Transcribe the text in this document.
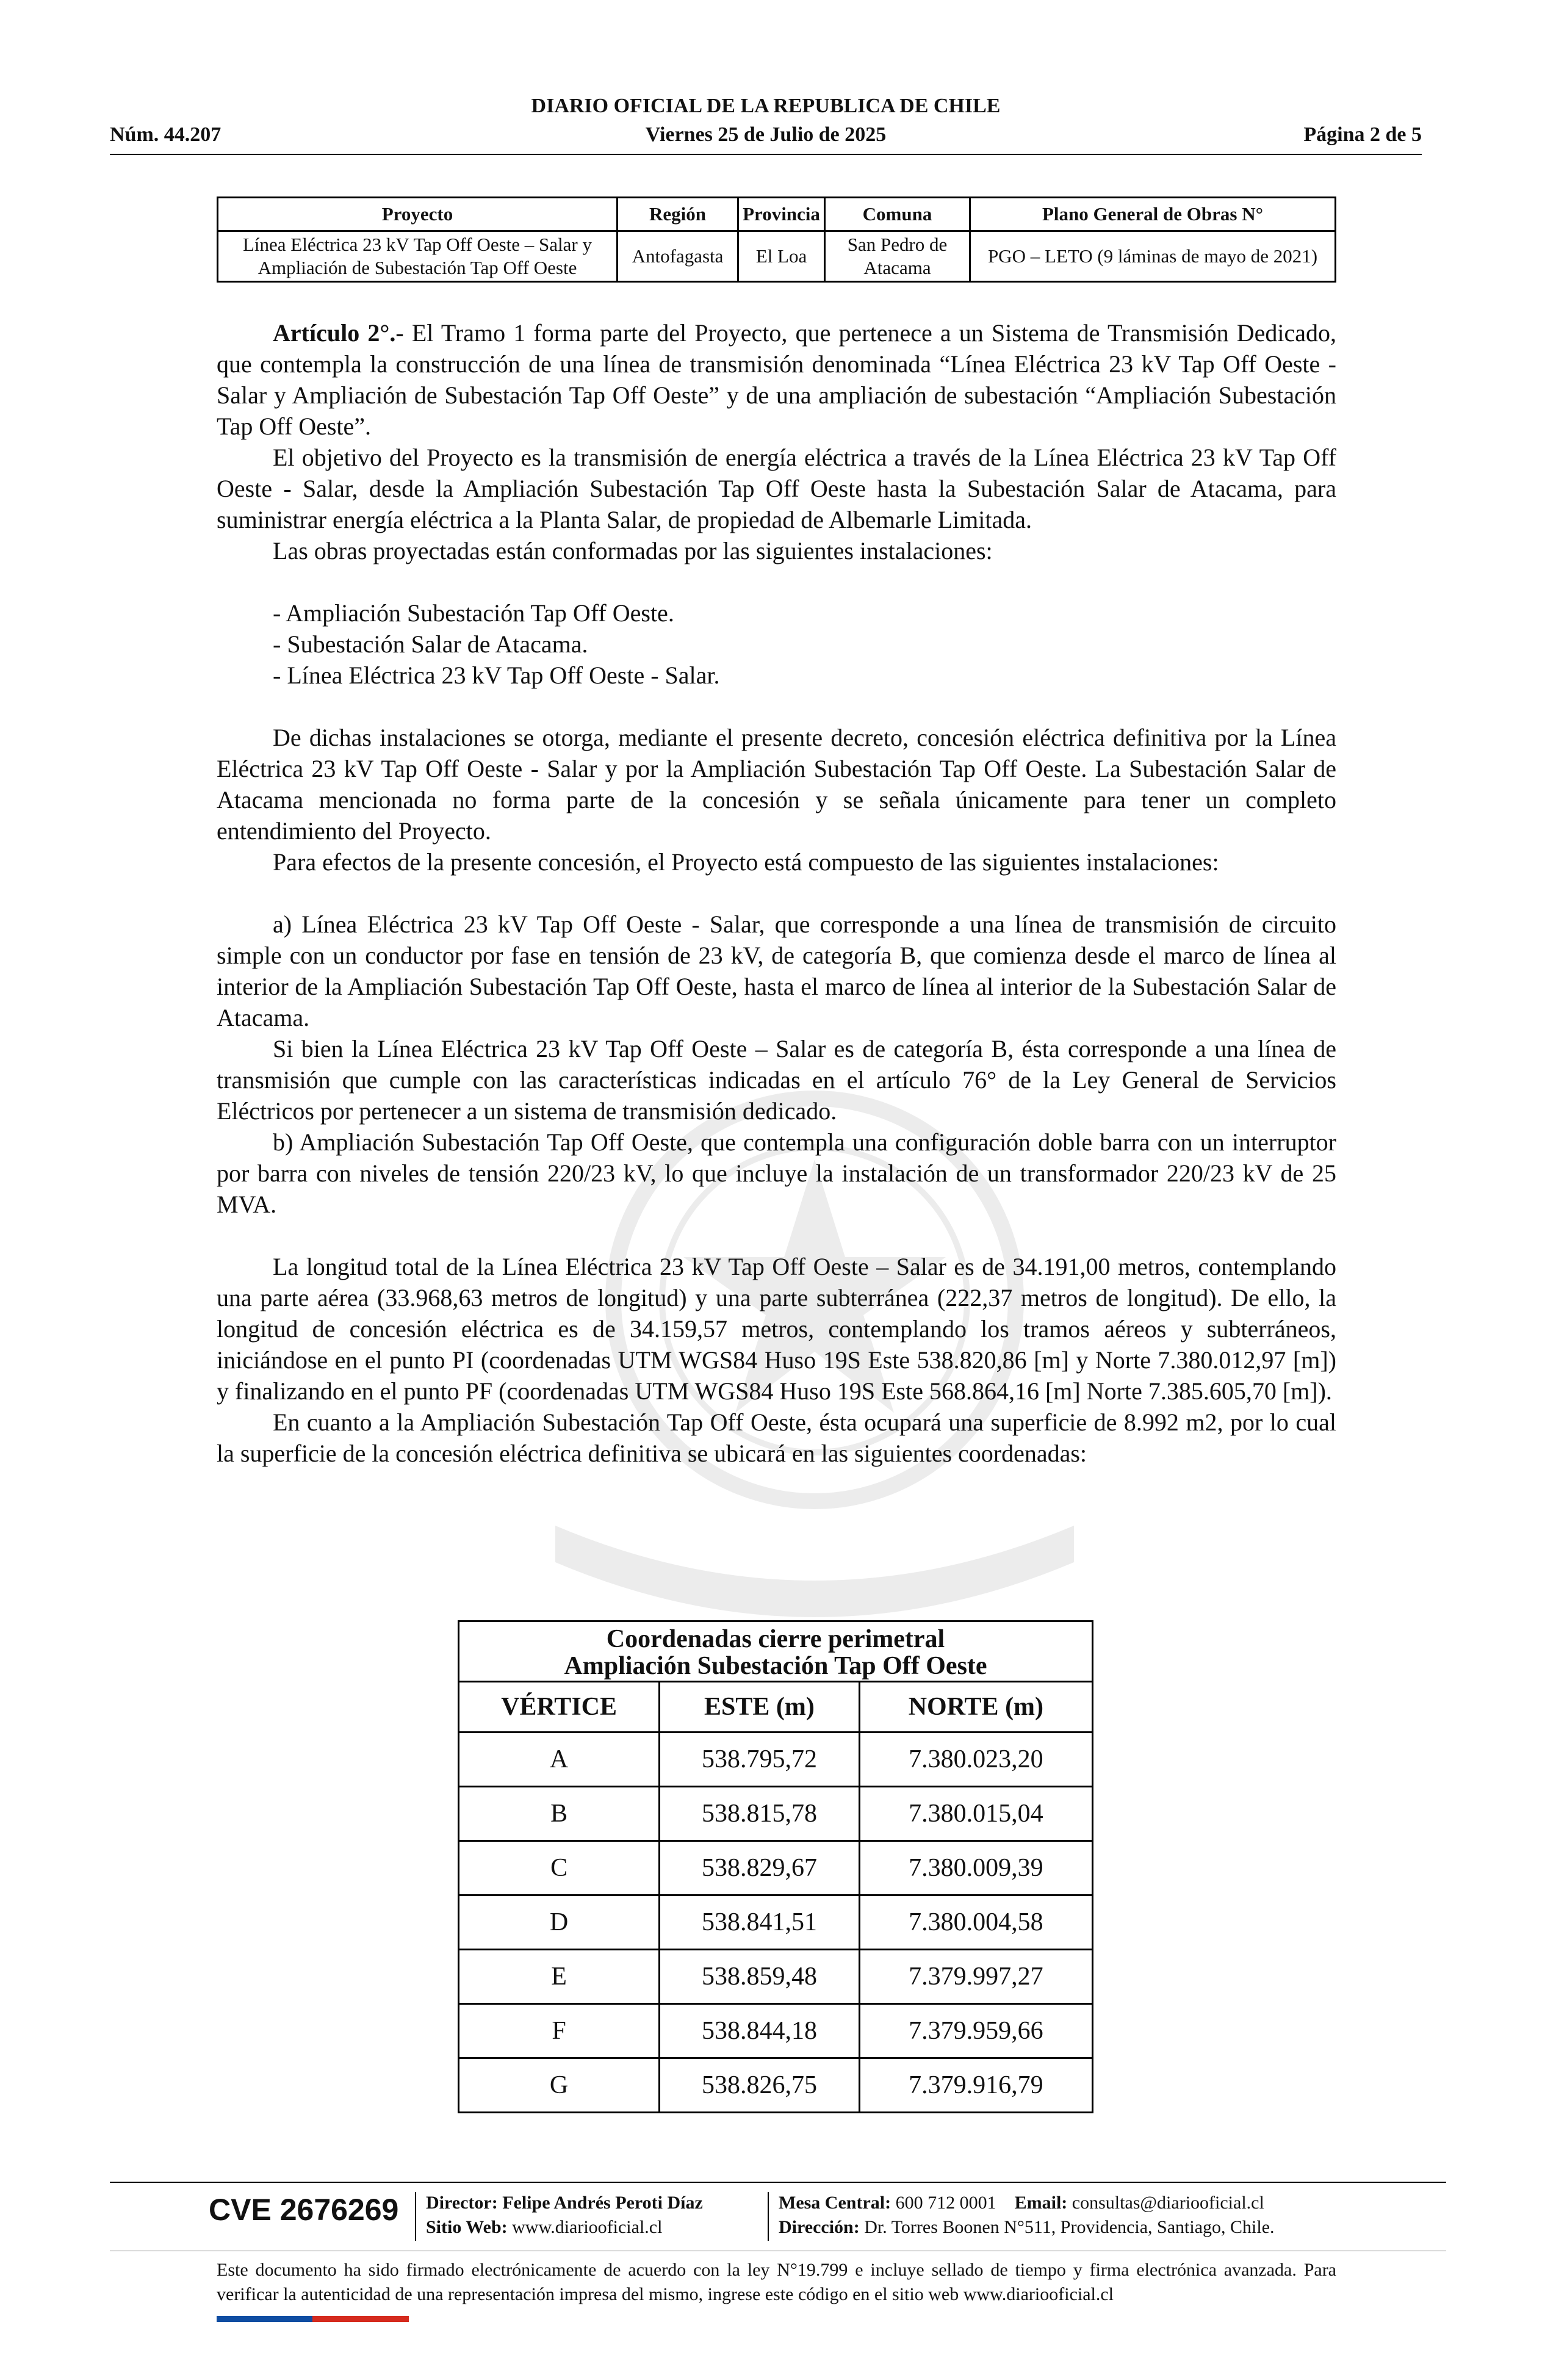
DIARIO OFICIAL DE LA REPUBLICA DE CHILE
Núm. 44.207	Viernes 25 de Julio de 2025	Página 2 de 5
Proyecto	Región	Provincia	Comuna	Plano General de Obras N°
Línea Eléctrica 23 kV Tap Off Oeste – Salar y Ampliación de Subestación Tap Off Oeste	Antofagasta	El Loa	San Pedro de Atacama	PGO – LETO (9 láminas de mayo de 2021)

Artículo 2°.- El Tramo 1 forma parte del Proyecto, que pertenece a un Sistema de Transmisión Dedicado, que contempla la construcción de una línea de transmisión denominada “Línea Eléctrica 23 kV Tap Off Oeste - Salar y Ampliación de Subestación Tap Off Oeste” y de una ampliación de subestación “Ampliación Subestación Tap Off Oeste”.

El objetivo del Proyecto es la transmisión de energía eléctrica a través de la Línea Eléctrica 23 kV Tap Off Oeste - Salar, desde la Ampliación Subestación Tap Off Oeste hasta la Subestación Salar de Atacama, para suministrar energía eléctrica a la Planta Salar, de propiedad de Albemarle Limitada.

Las obras proyectadas están conformadas por las siguientes instalaciones:

- Ampliación Subestación Tap Off Oeste.

- Subestación Salar de Atacama.

- Línea Eléctrica 23 kV Tap Off Oeste - Salar.

De dichas instalaciones se otorga, mediante el presente decreto, concesión eléctrica definitiva por la Línea Eléctrica 23 kV Tap Off Oeste - Salar y por la Ampliación Subestación Tap Off Oeste. La Subestación Salar de Atacama mencionada no forma parte de la concesión y se señala únicamente para tener un completo entendimiento del Proyecto.

Para efectos de la presente concesión, el Proyecto está compuesto de las siguientes instalaciones:

a) Línea Eléctrica 23 kV Tap Off Oeste - Salar, que corresponde a una línea de transmisión de circuito simple con un conductor por fase en tensión de 23 kV, de categoría B, que comienza desde el marco de línea al interior de la Ampliación Subestación Tap Off Oeste, hasta el marco de línea al interior de la Subestación Salar de Atacama.

Si bien la Línea Eléctrica 23 kV Tap Off Oeste – Salar es de categoría B, ésta corresponde a una línea de transmisión que cumple con las características indicadas en el artículo 76° de la Ley General de Servicios Eléctricos por pertenecer a un sistema de transmisión dedicado.

b) Ampliación Subestación Tap Off Oeste, que contempla una configuración doble barra con un interruptor por barra con niveles de tensión 220/23 kV, lo que incluye la instalación de un transformador 220/23 kV de 25 MVA.

La longitud total de la Línea Eléctrica 23 kV Tap Off Oeste – Salar es de 34.191,00 metros, contemplando una parte aérea (33.968,63 metros de longitud) y una parte subterránea (222,37 metros de longitud). De ello, la longitud de concesión eléctrica es de 34.159,57 metros, contemplando los tramos aéreos y subterráneos, iniciándose en el punto PI (coordenadas UTM WGS84 Huso 19S Este 538.820,86 [m] y Norte 7.380.012,97 [m]) y finalizando en el punto PF (coordenadas UTM WGS84 Huso 19S Este 568.864,16 [m] Norte 7.385.605,70 [m]).

En cuanto a la Ampliación Subestación Tap Off Oeste, ésta ocupará una superficie de 8.992 m2, por lo cual la superficie de la concesión eléctrica definitiva se ubicará en las siguientes coordenadas:

Coordenadas cierre perimetral
Ampliación Subestación Tap Off Oeste		

VÉRTICE	ESTE (m)	NORTE (m)
A	538.795,72	7.380.023,20
B	538.815,78	7.380.015,04
C	538.829,67	7.380.009,39
D	538.841,51	7.380.004,58
E	538.859,48	7.379.997,27
F	538.844,18	7.379.959,66
G	538.826,75	7.379.916,79
CVE 2676269 Director: Felipe Andrés Peroti Díaz
Sitio Web: www.diariooficial.cl
Mesa Central: 600 712 0001 Email: consultas@diariooficial.cl
Dirección: Dr. Torres Boonen N°511, Providencia, Santiago, Chile.
Este documento ha sido firmado electrónicamente de acuerdo con la ley N°19.799 e incluye sellado de tiempo y firma electrónica avanzada. Para verificar la autenticidad de una representación impresa del mismo, ingrese este código en el sitio web www.diariooficial.cl
